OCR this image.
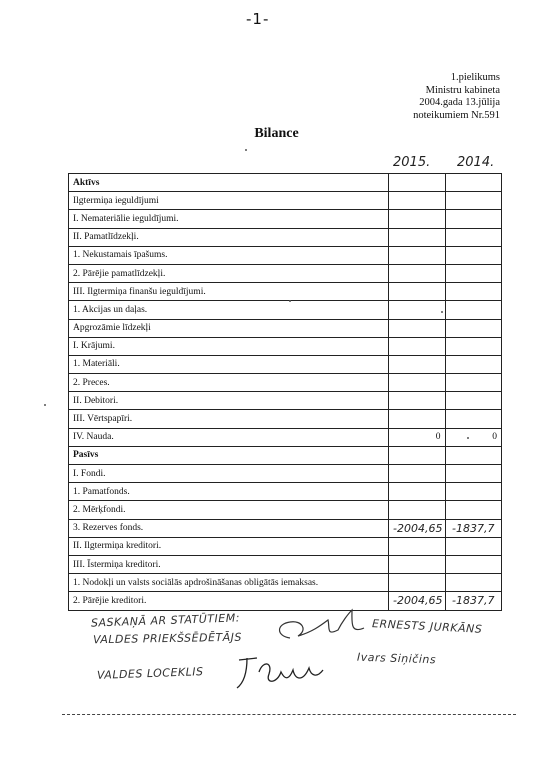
-1-
1.pielikums
Ministru kabineta
2004.gada 13.jūlija
noteikumiem Nr.591
Bilance
2015. 2014.
Aktīvs		
Ilgtermiņa ieguldījumi		
I. Nemateriālie ieguldījumi.		
II. Pamatlīdzekļi.		
1. Nekustamais īpašums.		
2. Pārējie pamatlīdzekļi.		
III. Ilgtermiņa finanšu ieguldījumi.		
1. Akcijas un daļas.		
Apgrozāmie līdzekļi		
I. Krājumi.		
1. Materiāli.		
2. Preces.		
II. Debitori.		
III. Vērtspapīri.		
IV. Nauda.	0	0
Pasīvs		
I. Fondi.		
1. Pamatfonds.		
2. Mērķfondi.		
3. Rezerves fonds.	-2004,65	-1837,7
II. Ilgtermiņa kreditori.		
III. Īstermiņa kreditori.		
1. Nodokļi un valsts sociālās apdrošināšanas obligātās iemaksas.		
2. Pārējie kreditori.	-2004,65	-1837,7
SASKAŅĀ AR STATŪTIEM:
VALDES PRIEKŠSĒDĒTĀJS
ERNESTS JURKĀNS
VALDES LOCEKLIS
Ivars Siņičins
